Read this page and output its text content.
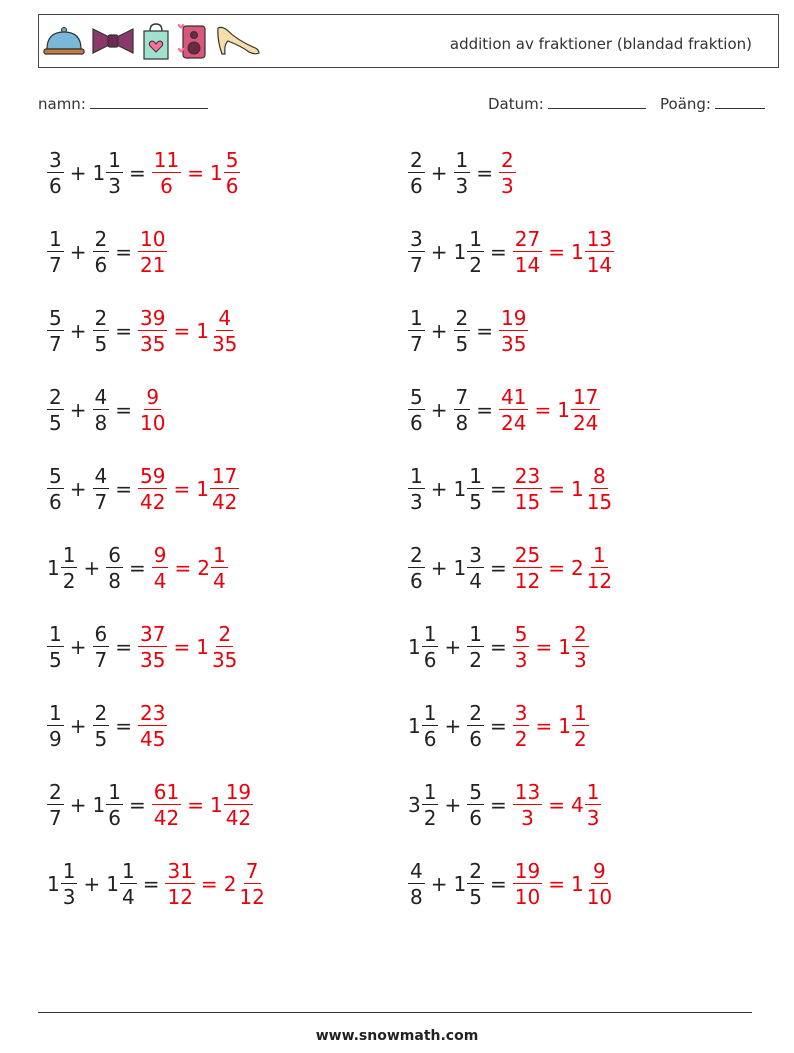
addition av fraktioner (blandad fraktion)
namn:	Datum:	Poäng:
$\frac{3}{6} + 1 \frac{1}{3} = \frac{11}{6} = 1 \frac{5}{6}$	$\frac{2}{6} + \frac{1}{3} = \frac{2}{3}$
$\frac{1}{7} + \frac{2}{6} = \frac{10}{21}$	$\frac{3}{7} + 1 \frac{1}{2} = \frac{27}{14} = 1 \frac{13}{14}$
$\frac{5}{7} + \frac{2}{5} = \frac{39}{35} = 1 \frac{4}{35}$	$\frac{1}{7} + \frac{2}{5} = \frac{19}{35}$
$\frac{2}{5} + \frac{4}{8} = \frac{9}{10}$	$\frac{5}{6} + \frac{7}{8} = \frac{41}{24} = 1 \frac{17}{24}$
$\frac{5}{6} + \frac{4}{7} = \frac{59}{42} = 1 \frac{17}{42}$	$\frac{1}{3} + 1 \frac{1}{5} = \frac{23}{15} = 1 \frac{8}{15}$
$1 \frac{1}{2} + \frac{6}{8} = \frac{9}{4} = 2 \frac{1}{4}$	$\frac{2}{6} + 1 \frac{3}{4} = \frac{25}{12} = 2 \frac{1}{12}$
$\frac{1}{5} + \frac{6}{7} = \frac{37}{35} = 1 \frac{2}{35}$	$1 \frac{1}{6} + \frac{1}{2} = \frac{5}{3} = 1 \frac{2}{3}$
$\frac{1}{9} + \frac{2}{5} = \frac{23}{45}$	$1 \frac{1}{6} + \frac{2}{6} = \frac{3}{2} = 1 \frac{1}{2}$
$\frac{2}{7} + 1 \frac{1}{6} = \frac{61}{42} = 1 \frac{19}{42}$	$3 \frac{1}{2} + \frac{5}{6} = \frac{13}{3} = 4 \frac{1}{3}$
$1 \frac{1}{3} + 1 \frac{1}{4} = \frac{31}{12} = 2 \frac{7}{12}$	$\frac{4}{8} + 1 \frac{2}{5} = \frac{19}{10} = 1 \frac{9}{10}$
www.snowmath.com
